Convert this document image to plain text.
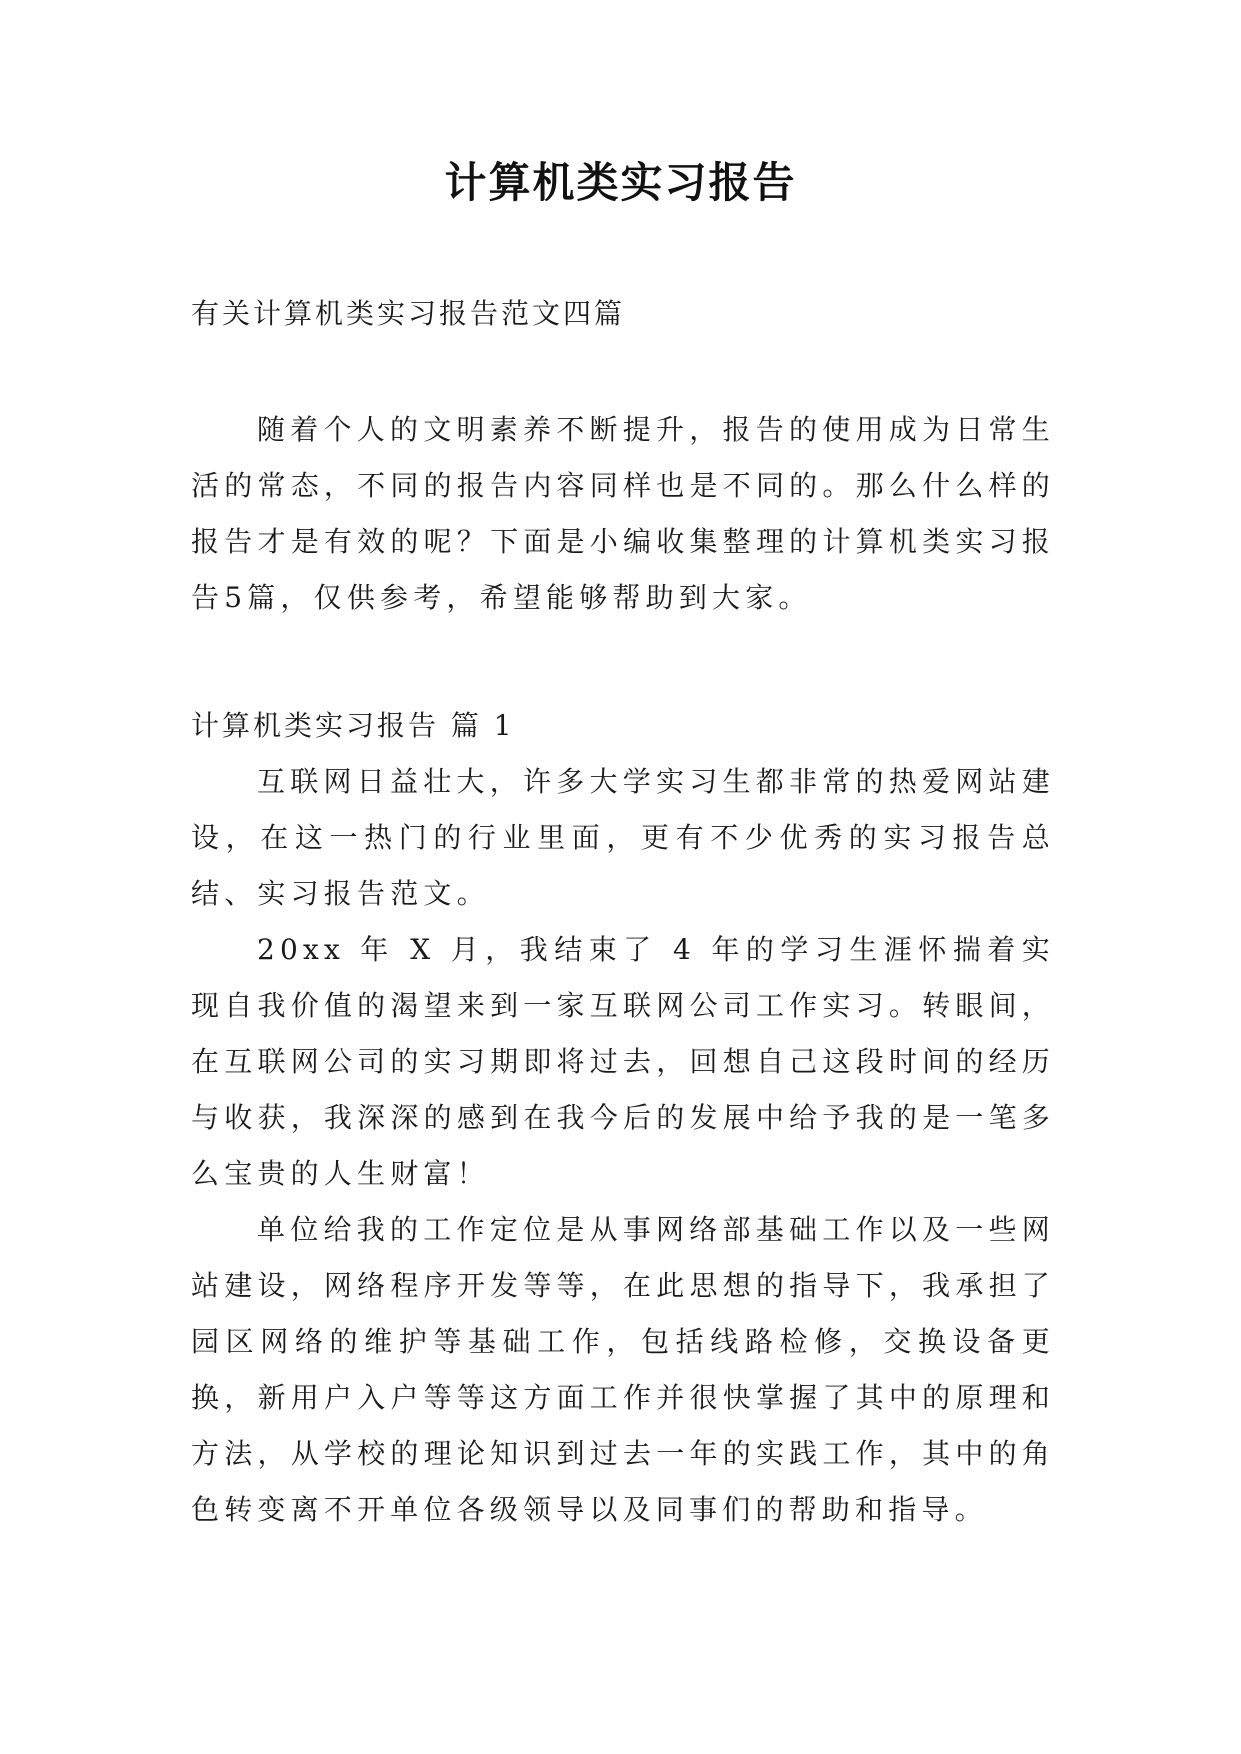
计算机类实习报告

有关计算机类实习报告范文四篇

随着个人的文明素养不断提升，报告的使用成为日常生活的常态，不同的报告内容同样也是不同的。那么什么样的报告才是有效的呢？下面是小编收集整理的计算机类实习报告5篇，仅供参考，希望能够帮助到大家。

计算机类实习报告 篇 1

互联网日益壮大，许多大学实习生都非常的热爱网站建设，在这一热门的行业里面，更有不少优秀的实习报告总结、实习报告范文。

20xx 年 X 月，我结束了 4 年的学习生涯怀揣着实现自我价值的渴望来到一家互联网公司工作实习。转眼间，在互联网公司的实习期即将过去，回想自己这段时间的经历与收获，我深深的感到在我今后的发展中给予我的是一笔多么宝贵的人生财富！

单位给我的工作定位是从事网络部基础工作以及一些网站建设，网络程序开发等等，在此思想的指导下，我承担了园区网络的维护等基础工作，包括线路检修，交换设备更换，新用户入户等等这方面工作并很快掌握了其中的原理和方法，从学校的理论知识到过去一年的实践工作，其中的角色转变离不开单位各级领导以及同事们的帮助和指导。
